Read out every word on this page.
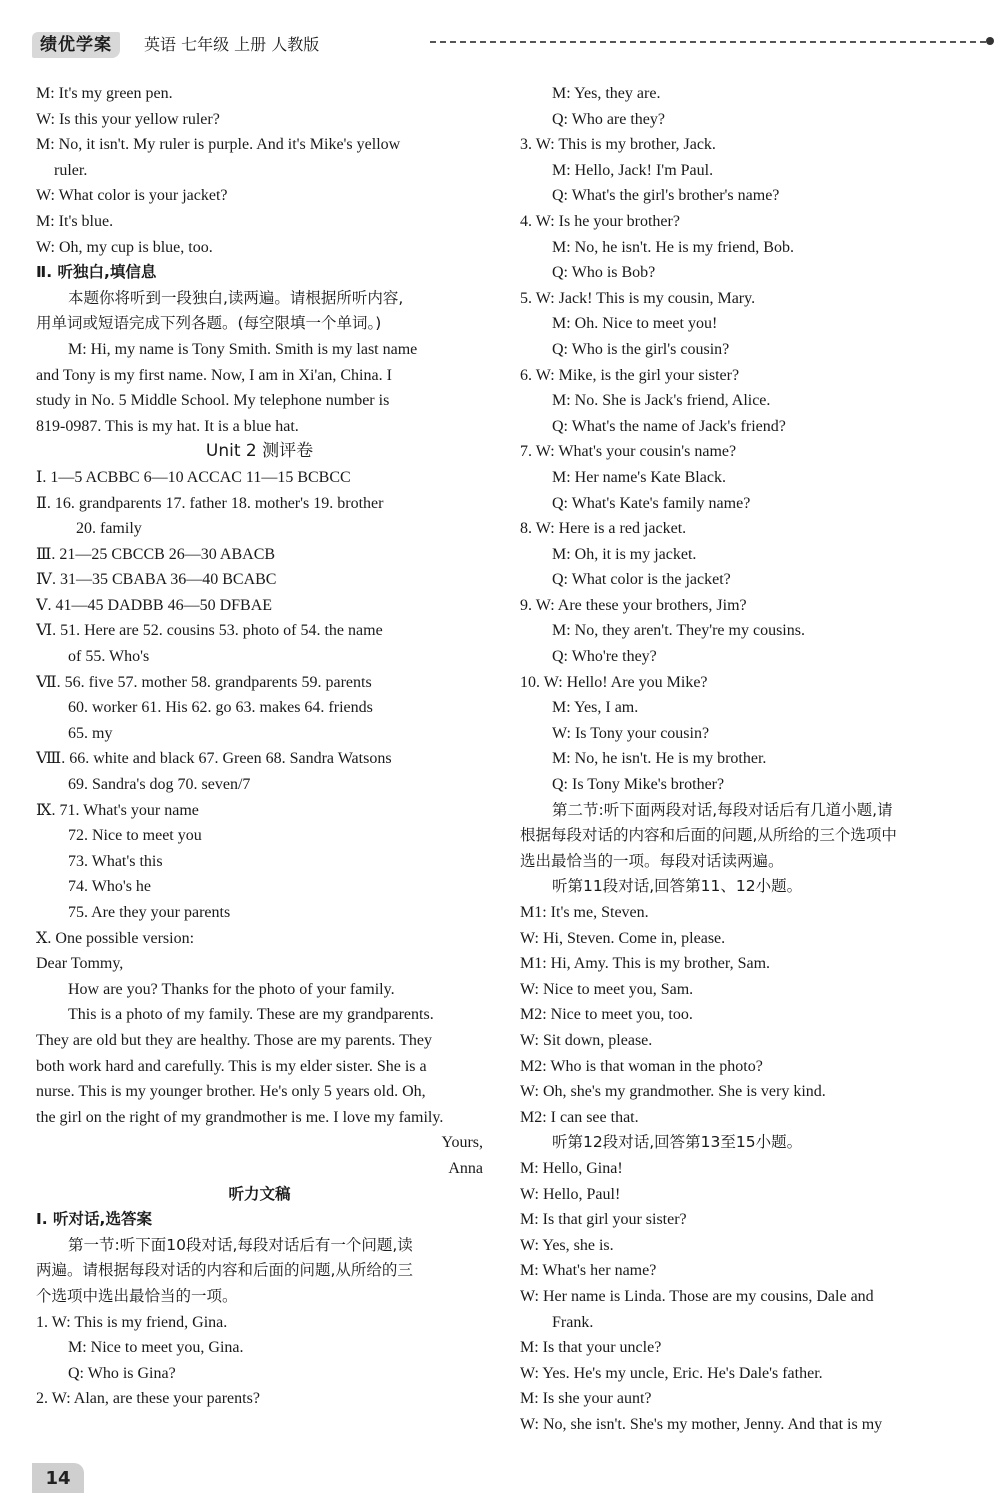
绩优学案	英语 七年级 上册 人教版
M: It's my green pen.
W: Is this your yellow ruler?
M: No, it isn't. My ruler is purple. And it's Mike's yellow
ruler.
W: What color is your jacket?
M: It's blue.
W: Oh, my cup is blue, too.
Ⅱ. 听独白,填信息
本题你将听到一段独白,读两遍。请根据所听内容,
用单词或短语完成下列各题。(每空限填一个单词。)
M: Hi, my name is Tony Smith. Smith is my last name
and Tony is my first name. Now, I am in Xi'an, China. I
study in No. 5 Middle School. My telephone number is
819-0987. This is my hat. It is a blue hat.
Unit 2 测评卷
Ⅰ. 1—5 ACBBC 6—10 ACCAC 11—15 BCBCC
Ⅱ. 16. grandparents 17. father 18. mother's 19. brother
20. family
Ⅲ. 21—25 CBCCB 26—30 ABACB
Ⅳ. 31—35 CBABA 36—40 BCABC
Ⅴ. 41—45 DADBB 46—50 DFBAE
Ⅵ. 51. Here are 52. cousins 53. photo of 54. the name
of 55. Who's
Ⅶ. 56. five 57. mother 58. grandparents 59. parents
60. worker 61. His 62. go 63. makes 64. friends
65. my
Ⅷ. 66. white and black 67. Green 68. Sandra Watsons
69. Sandra's dog 70. seven/7
Ⅸ. 71. What's your name
72. Nice to meet you
73. What's this
74. Who's he
75. Are they your parents
Ⅹ. One possible version:
Dear Tommy,
How are you? Thanks for the photo of your family.
This is a photo of my family. These are my grandparents.
They are old but they are healthy. Those are my parents. They
both work hard and carefully. This is my elder sister. She is a
nurse. This is my younger brother. He's only 5 years old. Oh,
the girl on the right of my grandmother is me. I love my family.
Yours,
Anna
听力文稿
Ⅰ. 听对话,选答案
第一节:听下面10段对话,每段对话后有一个问题,读
两遍。请根据每段对话的内容和后面的问题,从所给的三
个选项中选出最恰当的一项。
1. W: This is my friend, Gina.
M: Nice to meet you, Gina.
Q: Who is Gina?
2. W: Alan, are these your parents?
M: Yes, they are.
Q: Who are they?
3. W: This is my brother, Jack.
M: Hello, Jack! I'm Paul.
Q: What's the girl's brother's name?
4. W: Is he your brother?
M: No, he isn't. He is my friend, Bob.
Q: Who is Bob?
5. W: Jack! This is my cousin, Mary.
M: Oh. Nice to meet you!
Q: Who is the girl's cousin?
6. W: Mike, is the girl your sister?
M: No. She is Jack's friend, Alice.
Q: What's the name of Jack's friend?
7. W: What's your cousin's name?
M: Her name's Kate Black.
Q: What's Kate's family name?
8. W: Here is a red jacket.
M: Oh, it is my jacket.
Q: What color is the jacket?
9. W: Are these your brothers, Jim?
M: No, they aren't. They're my cousins.
Q: Who're they?
10. W: Hello! Are you Mike?
M: Yes, I am.
W: Is Tony your cousin?
M: No, he isn't. He is my brother.
Q: Is Tony Mike's brother?
第二节:听下面两段对话,每段对话后有几道小题,请
根据每段对话的内容和后面的问题,从所给的三个选项中
选出最恰当的一项。每段对话读两遍。
听第11段对话,回答第11、12小题。
M1: It's me, Steven.
W: Hi, Steven. Come in, please.
M1: Hi, Amy. This is my brother, Sam.
W: Nice to meet you, Sam.
M2: Nice to meet you, too.
W: Sit down, please.
M2: Who is that woman in the photo?
W: Oh, she's my grandmother. She is very kind.
M2: I can see that.
听第12段对话,回答第13至15小题。
M: Hello, Gina!
W: Hello, Paul!
M: Is that girl your sister?
W: Yes, she is.
M: What's her name?
W: Her name is Linda. Those are my cousins, Dale and
Frank.
M: Is that your uncle?
W: Yes. He's my uncle, Eric. He's Dale's father.
M: Is she your aunt?
W: No, she isn't. She's my mother, Jenny. And that is my
14
